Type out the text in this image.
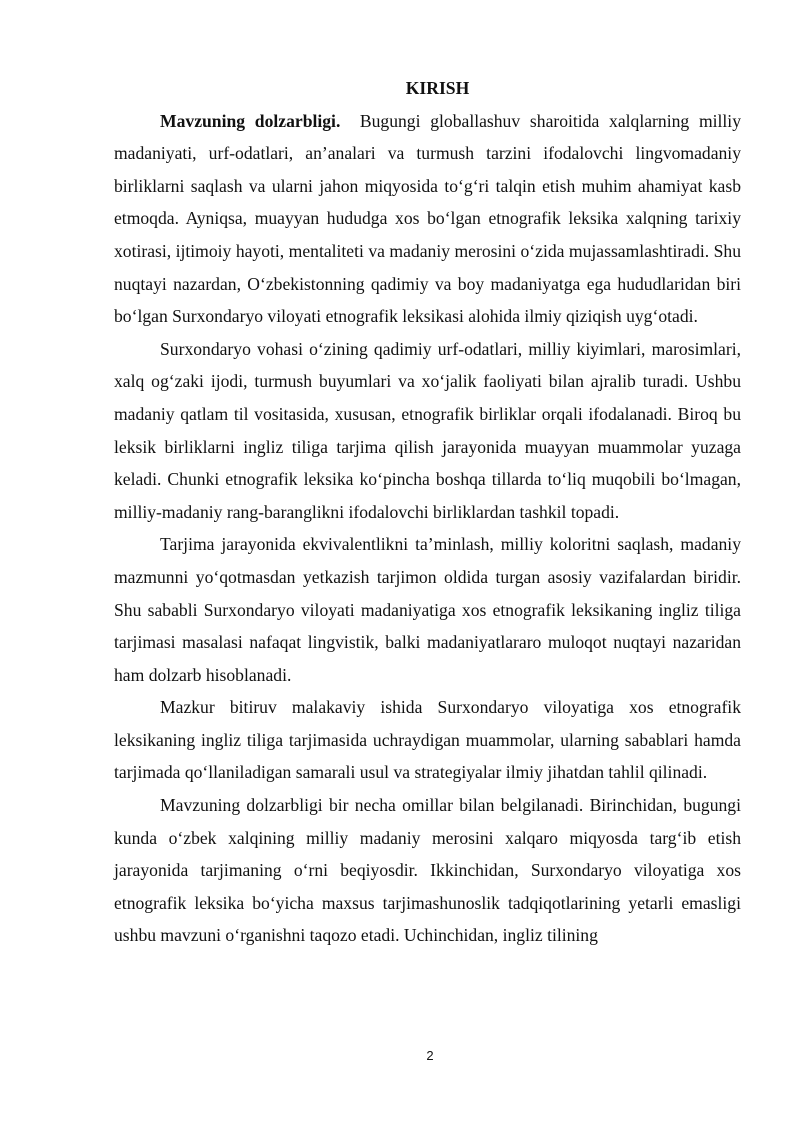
KIRISH

Mavzuning dolzarbligi.  Bugungi globallashuv sharoitida xalqlarning milliy madaniyati, urf-odatlari, an’analari va turmush tarzini ifodalovchi lingvomadaniy birliklarni saqlash va ularni jahon miqyosida to‘g‘ri talqin etish muhim ahamiyat kasb etmoqda. Ayniqsa, muayyan hududga xos bo‘lgan etnografik leksika xalqning tarixiy xotirasi, ijtimoiy hayoti, mentaliteti va madaniy merosini o‘zida mujassamlashtiradi. Shu nuqtayi nazardan, O‘zbekistonning qadimiy va boy madaniyatga ega hududlaridan biri bo‘lgan Surxondaryo viloyati etnografik leksikasi alohida ilmiy qiziqish uyg‘otadi.

Surxondaryo vohasi o‘zining qadimiy urf-odatlari, milliy kiyimlari, marosimlari, xalq og‘zaki ijodi, turmush buyumlari va xo‘jalik faoliyati bilan ajralib turadi. Ushbu madaniy qatlam til vositasida, xususan, etnografik birliklar orqali ifodalanadi. Biroq bu leksik birliklarni ingliz tiliga tarjima qilish jarayonida muayyan muammolar yuzaga keladi. Chunki etnografik leksika ko‘pincha boshqa tillarda to‘liq muqobili bo‘lmagan, milliy-madaniy rang-baranglikni ifodalovchi birliklardan tashkil topadi.

Tarjima jarayonida ekvivalentlikni ta’minlash, milliy koloritni saqlash, madaniy mazmunni yo‘qotmasdan yetkazish tarjimon oldida turgan asosiy vazifalardan biridir. Shu sababli Surxondaryo viloyati madaniyatiga xos etnografik leksikaning ingliz tiliga tarjimasi masalasi nafaqat lingvistik, balki madaniyatlararo muloqot nuqtayi nazaridan ham dolzarb hisoblanadi.

Mazkur bitiruv malakaviy ishida Surxondaryo viloyatiga xos etnografik leksikaning ingliz tiliga tarjimasida uchraydigan muammolar, ularning sabablari hamda tarjimada qo‘llaniladigan samarali usul va strategiyalar ilmiy jihatdan tahlil qilinadi.

Mavzuning dolzarbligi bir necha omillar bilan belgilanadi. Birinchidan, bugungi kunda o‘zbek xalqining milliy madaniy merosini xalqaro miqyosda targ‘ib etish jarayonida tarjimaning o‘rni beqiyosdir. Ikkinchidan, Surxondaryo viloyatiga xos etnografik leksika bo‘yicha maxsus tarjimashunoslik tadqiqotlarining yetarli emasligi ushbu mavzuni o‘rganishni taqozo etadi. Uchinchidan, ingliz tilining

2
